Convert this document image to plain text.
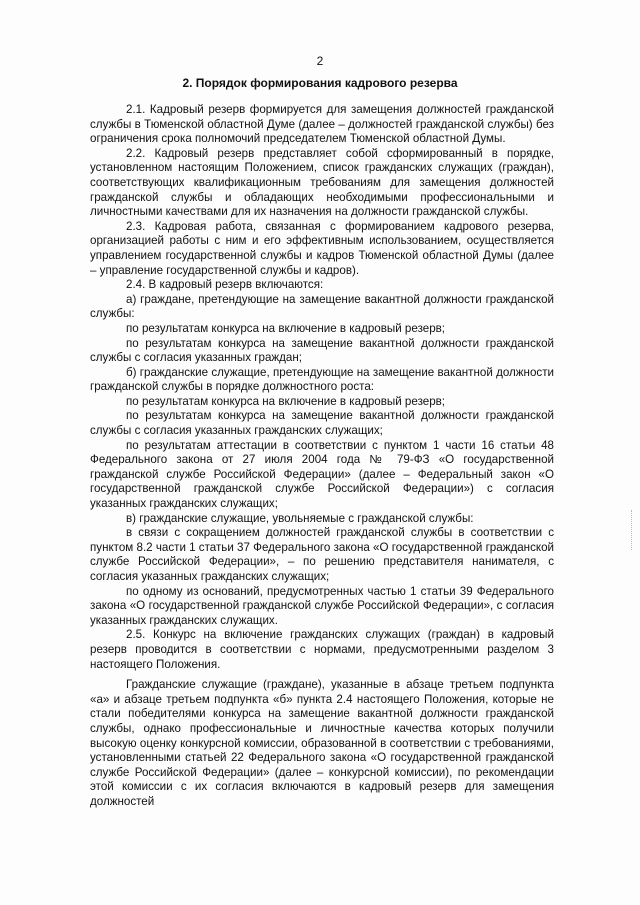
2
2. Порядок формирования кадрового резерва

2.1. Кадровый резерв формируется для замещения должностей гражданской службы в Тюменской областной Думе (далее – должностей гражданской службы) без ограничения срока полномочий председателем Тюменской областной Думы.

2.2. Кадровый резерв представляет собой сформированный в порядке, установленном настоящим Положением, список гражданских служащих (граждан), соответствующих квалификационным требованиям для замещения должностей гражданской службы и обладающих необходимыми профессиональными и личностными качествами для их назначения на должности гражданской службы.

2.3. Кадровая работа, связанная с формированием кадрового резерва, организацией работы с ним и его эффективным использованием, осуществляется управлением государственной службы и кадров Тюменской областной Думы (далее – управление государственной службы и кадров).

2.4. В кадровый резерв включаются:

а) граждане, претендующие на замещение вакантной должности гражданской службы:

по результатам конкурса на включение в кадровый резерв;

по результатам конкурса на замещение вакантной должности гражданской службы с согласия указанных граждан;

б) гражданские служащие, претендующие на замещение вакантной должности гражданской службы в порядке должностного роста:

по результатам конкурса на включение в кадровый резерв;

по результатам конкурса на замещение вакантной должности гражданской службы с согласия указанных гражданских служащих;

по результатам аттестации в соответствии с пунктом 1 части 16 статьи 48 Федерального закона от 27 июля 2004 года № 79-ФЗ «О государственной гражданской службе Российской Федерации» (далее – Федеральный закон «О государственной гражданской службе Российской Федерации») с согласия указанных гражданских служащих;

в) гражданские служащие, увольняемые с гражданской службы:

в связи с сокращением должностей гражданской службы в соответствии с пунктом 8.2 части 1 статьи 37 Федерального закона «О государственной гражданской службе Российской Федерации», – по решению представителя нанимателя, с согласия указанных гражданских служащих;

по одному из оснований, предусмотренных частью 1 статьи 39 Федерального закона «О государственной гражданской службе Российской Федерации», с согласия указанных гражданских служащих.

2.5. Конкурс на включение гражданских служащих (граждан) в кадровый резерв проводится в соответствии с нормами, предусмотренными разделом 3 настоящего Положения.

Гражданские служащие (граждане), указанные в абзаце третьем подпункта «а» и абзаце третьем подпункта «б» пункта 2.4 настоящего Положения, которые не стали победителями конкурса на замещение вакантной должности гражданской службы, однако профессиональные и личностные качества которых получили высокую оценку конкурсной комиссии, образованной в соответствии с требованиями, установленными статьей 22 Федерального закона «О государственной гражданской службе Российской Федерации» (далее – конкурсной комиссии), по рекомендации этой комиссии с их согласия включаются в кадровый резерв для замещения должностей
